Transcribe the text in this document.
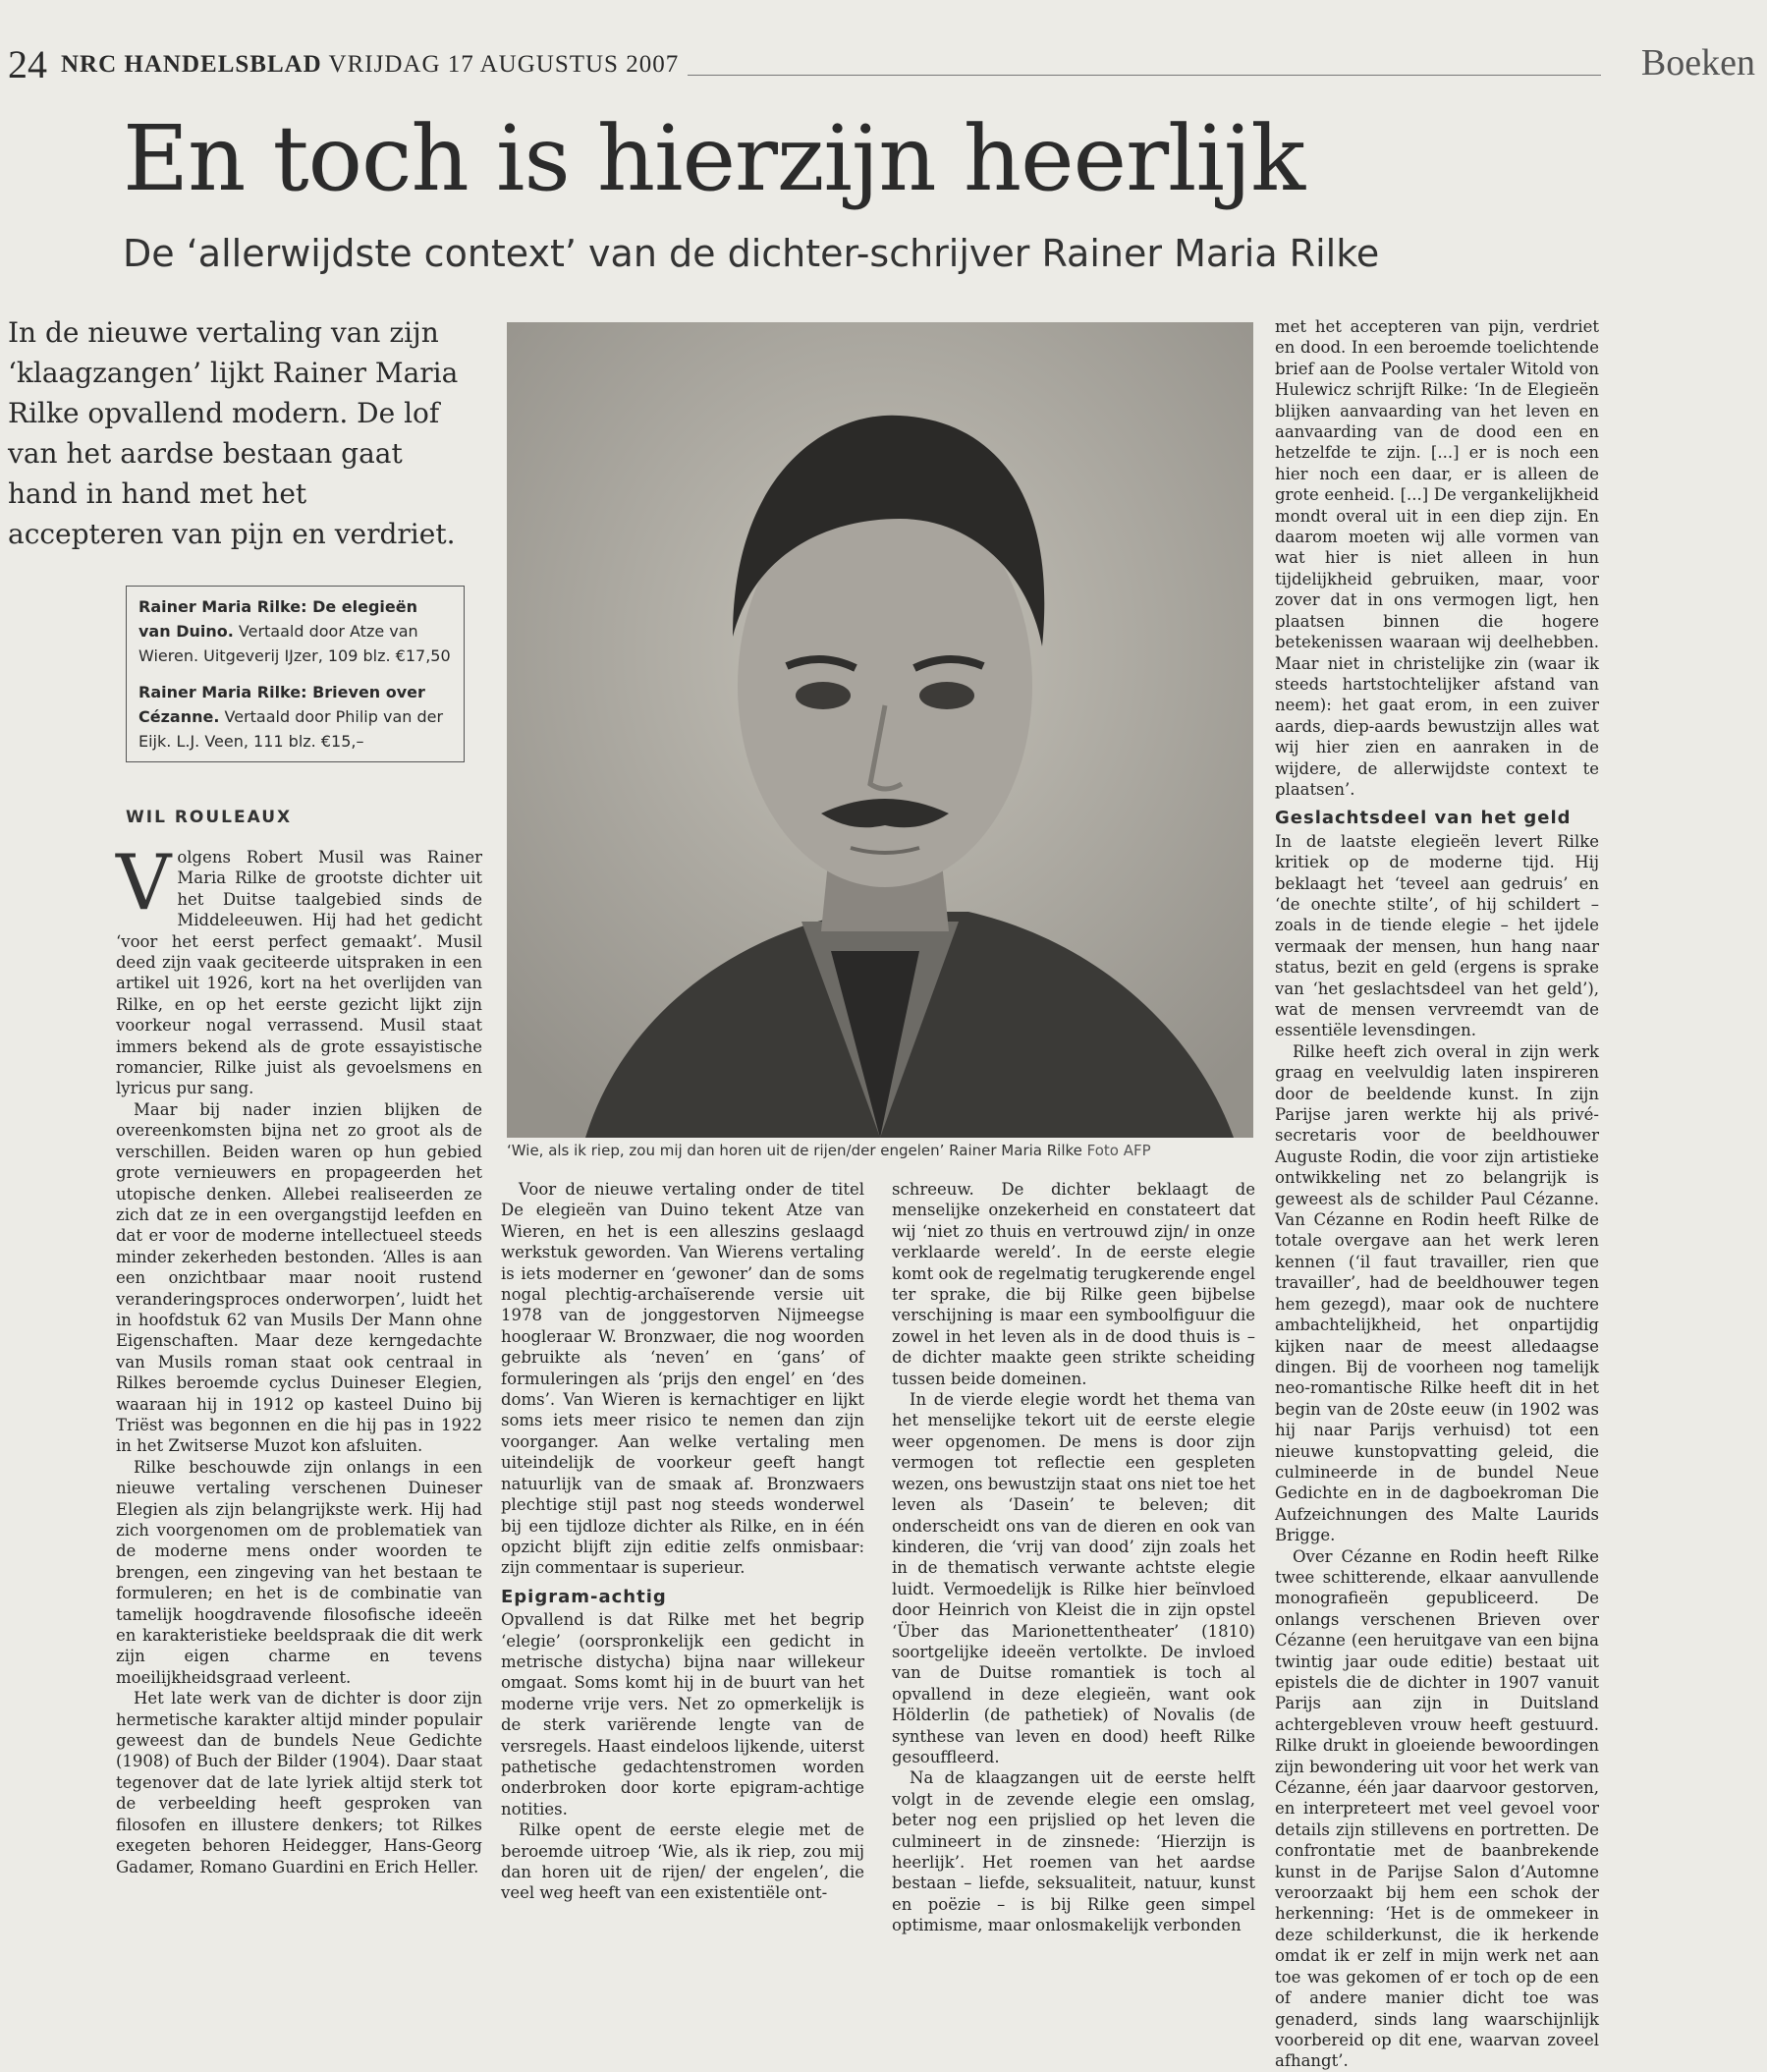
24 NRC HANDELSBLAD VRIJDAG 17 AUGUSTUS 2007	Boeken
En toch is hierzijn heerlijk
De ‘allerwijdste context’ van de dichter-schrijver Rainer Maria Rilke
In de nieuwe vertaling van zijn ‘klaagzangen’ lijkt Rainer Maria Rilke opvallend modern. De lof van het aardse bestaan gaat hand in hand met het accepteren van pijn en verdriet.

Rainer Maria Rilke: De elegieën van Duino. Vertaald door Atze van Wieren. Uitgeverij IJzer, 109 blz. €17,50

Rainer Maria Rilke: Brieven over Cézanne. Vertaald door Philip van der Eijk. L.J. Veen, 111 blz. €15,–

WIL ROULEAUX

Volgens Robert Musil was Rainer Maria Rilke de grootste dichter uit het Duitse taalgebied sinds de Middeleeuwen. Hij had het gedicht ‘voor het eerst perfect gemaakt’. Musil deed zijn vaak geciteerde uitspraken in een artikel uit 1926, kort na het overlijden van Rilke, en op het eerste gezicht lijkt zijn voorkeur nogal verrassend. Musil staat immers bekend als de grote essayistische romancier, Rilke juist als gevoelsmens en lyricus pur sang.

Maar bij nader inzien blijken de overeenkomsten bijna net zo groot als de verschillen. Beiden waren op hun gebied grote vernieuwers en propageerden het utopische denken. Allebei realiseerden ze zich dat ze in een overgangstijd leefden en dat er voor de moderne intellectueel steeds minder zekerheden bestonden. ‘Alles is aan een onzichtbaar maar nooit rustend veranderingsproces onderworpen’, luidt het in hoofdstuk 62 van Musils Der Mann ohne Eigenschaften. Maar deze kerngedachte van Musils roman staat ook centraal in Rilkes beroemde cyclus Duineser Elegien, waaraan hij in 1912 op kasteel Duino bij Triëst was begonnen en die hij pas in 1922 in het Zwitserse Muzot kon afsluiten.

Rilke beschouwde zijn onlangs in een nieuwe vertaling verschenen Duineser Elegien als zijn belangrijkste werk. Hij had zich voorgenomen om de problematiek van de moderne mens onder woorden te brengen, een zingeving van het bestaan te formuleren; en het is de combinatie van tamelijk hoogdravende filosofische ideeën en karakteristieke beeldspraak die dit werk zijn eigen charme en tevens moeilijkheidsgraad verleent.

Het late werk van de dichter is door zijn hermetische karakter altijd minder populair geweest dan de bundels Neue Gedichte (1908) of Buch der Bilder (1904). Daar staat tegenover dat de late lyriek altijd sterk tot de verbeelding heeft gesproken van filosofen en illustere denkers; tot Rilkes exegeten behoren Heidegger, Hans-Georg Gadamer, Romano Guardini en Erich Heller.

‘Wie, als ik riep, zou mij dan horen uit de rijen/der engelen’ Rainer Maria Rilke Foto AFP

Voor de nieuwe vertaling onder de titel De elegieën van Duino tekent Atze van Wieren, en het is een alleszins geslaagd werkstuk geworden. Van Wierens vertaling is iets moderner en ‘gewoner’ dan de soms nogal plechtig-archaïserende versie uit 1978 van de jonggestorven Nijmeegse hoogleraar W. Bronzwaer, die nog woorden gebruikte als ‘neven’ en ‘gans’ of formuleringen als ‘prijs den engel’ en ‘des doms’. Van Wieren is kernachtiger en lijkt soms iets meer risico te nemen dan zijn voorganger. Aan welke vertaling men uiteindelijk de voorkeur geeft hangt natuurlijk van de smaak af. Bronzwaers plechtige stijl past nog steeds wonderwel bij een tijdloze dichter als Rilke, en in één opzicht blijft zijn editie zelfs onmisbaar: zijn commentaar is superieur.

Epigram-achtig

Opvallend is dat Rilke met het begrip ‘elegie’ (oorspronkelijk een gedicht in metrische distycha) bijna naar willekeur omgaat. Soms komt hij in de buurt van het moderne vrije vers. Net zo opmerkelijk is de sterk variërende lengte van de versregels. Haast eindeloos lijkende, uiterst pathetische gedachtenstromen worden onderbroken door korte epigram-achtige notities.

Rilke opent de eerste elegie met de beroemde uitroep ‘Wie, als ik riep, zou mij dan horen uit de rijen/ der engelen’, die veel weg heeft van een existentiële ont-

schreeuw. De dichter beklaagt de menselijke onzekerheid en constateert dat wij ‘niet zo thuis en vertrouwd zijn/ in onze verklaarde wereld’. In de eerste elegie komt ook de regelmatig terugkerende engel ter sprake, die bij Rilke geen bijbelse verschijning is maar een symboolfiguur die zowel in het leven als in de dood thuis is – de dichter maakte geen strikte scheiding tussen beide domeinen.

In de vierde elegie wordt het thema van het menselijke tekort uit de eerste elegie weer opgenomen. De mens is door zijn vermogen tot reflectie een gespleten wezen, ons bewustzijn staat ons niet toe het leven als ‘Dasein’ te beleven; dit onderscheidt ons van de dieren en ook van kinderen, die ‘vrij van dood’ zijn zoals het in de thematisch verwante achtste elegie luidt. Vermoedelijk is Rilke hier beïnvloed door Heinrich von Kleist die in zijn opstel ‘Über das Marionettentheater’ (1810) soortgelijke ideeën vertolkte. De invloed van de Duitse romantiek is toch al opvallend in deze elegieën, want ook Hölderlin (de pathetiek) of Novalis (de synthese van leven en dood) heeft Rilke gesouffleerd.

Na de klaagzangen uit de eerste helft volgt in de zevende elegie een omslag, beter nog een prijslied op het leven die culmineert in de zinsnede: ‘Hierzijn is heerlijk’. Het roemen van het aardse bestaan – liefde, seksualiteit, natuur, kunst en poëzie – is bij Rilke geen simpel optimisme, maar onlosmakelijk verbonden

met het accepteren van pijn, verdriet en dood. In een beroemde toelichtende brief aan de Poolse vertaler Witold von Hulewicz schrijft Rilke: ‘In de Elegieën blijken aanvaarding van het leven en aanvaarding van de dood een en hetzelfde te zijn. [...] er is noch een hier noch een daar, er is alleen de grote eenheid. [...] De vergankelijkheid mondt overal uit in een diep zijn. En daarom moeten wij alle vormen van wat hier is niet alleen in hun tijdelijkheid gebruiken, maar, voor zover dat in ons vermogen ligt, hen plaatsen binnen die hogere betekenissen waaraan wij deelhebben. Maar niet in christelijke zin (waar ik steeds hartstochtelijker afstand van neem): het gaat erom, in een zuiver aards, diep-aards bewustzijn alles wat wij hier zien en aanraken in de wijdere, de allerwijdste context te plaatsen’.

Geslachtsdeel van het geld

In de laatste elegieën levert Rilke kritiek op de moderne tijd. Hij beklaagt het ‘teveel aan gedruis’ en ‘de onechte stilte’, of hij schildert – zoals in de tiende elegie – het ijdele vermaak der mensen, hun hang naar status, bezit en geld (ergens is sprake van ‘het geslachtsdeel van het geld’), wat de mensen vervreemdt van de essentiële levensdingen.

Rilke heeft zich overal in zijn werk graag en veelvuldig laten inspireren door de beeldende kunst. In zijn Parijse jaren werkte hij als privé-secretaris voor de beeldhouwer Auguste Rodin, die voor zijn artistieke ontwikkeling net zo belangrijk is geweest als de schilder Paul Cézanne. Van Cézanne en Rodin heeft Rilke de totale overgave aan het werk leren kennen (‘il faut travailler, rien que travailler’, had de beeldhouwer tegen hem gezegd), maar ook de nuchtere ambachtelijkheid, het onpartijdig kijken naar de meest alledaagse dingen. Bij de voorheen nog tamelijk neo-romantische Rilke heeft dit in het begin van de 20ste eeuw (in 1902 was hij naar Parijs verhuisd) tot een nieuwe kunstopvatting geleid, die culmineerde in de bundel Neue Gedichte en in de dagboekroman Die Aufzeichnungen des Malte Laurids Brigge.

Over Cézanne en Rodin heeft Rilke twee schitterende, elkaar aanvullende monografieën gepubliceerd. De onlangs verschenen Brieven over Cézanne (een heruitgave van een bijna twintig jaar oude editie) bestaat uit epistels die de dichter in 1907 vanuit Parijs aan zijn in Duitsland achtergebleven vrouw heeft gestuurd. Rilke drukt in gloeiende bewoordingen zijn bewondering uit voor het werk van Cézanne, één jaar daarvoor gestorven, en interpreteert met veel gevoel voor details zijn stillevens en portretten. De confrontatie met de baanbrekende kunst in de Parijse Salon d’Automne veroorzaakt bij hem een schok der herkenning: ‘Het is de ommekeer in deze schilderkunst, die ik herkende omdat ik er zelf in mijn werk net aan toe was gekomen of er toch op de een of andere manier dicht toe was genaderd, sinds lang waarschijnlijk voorbereid op dit ene, waarvan zoveel afhangt’.
